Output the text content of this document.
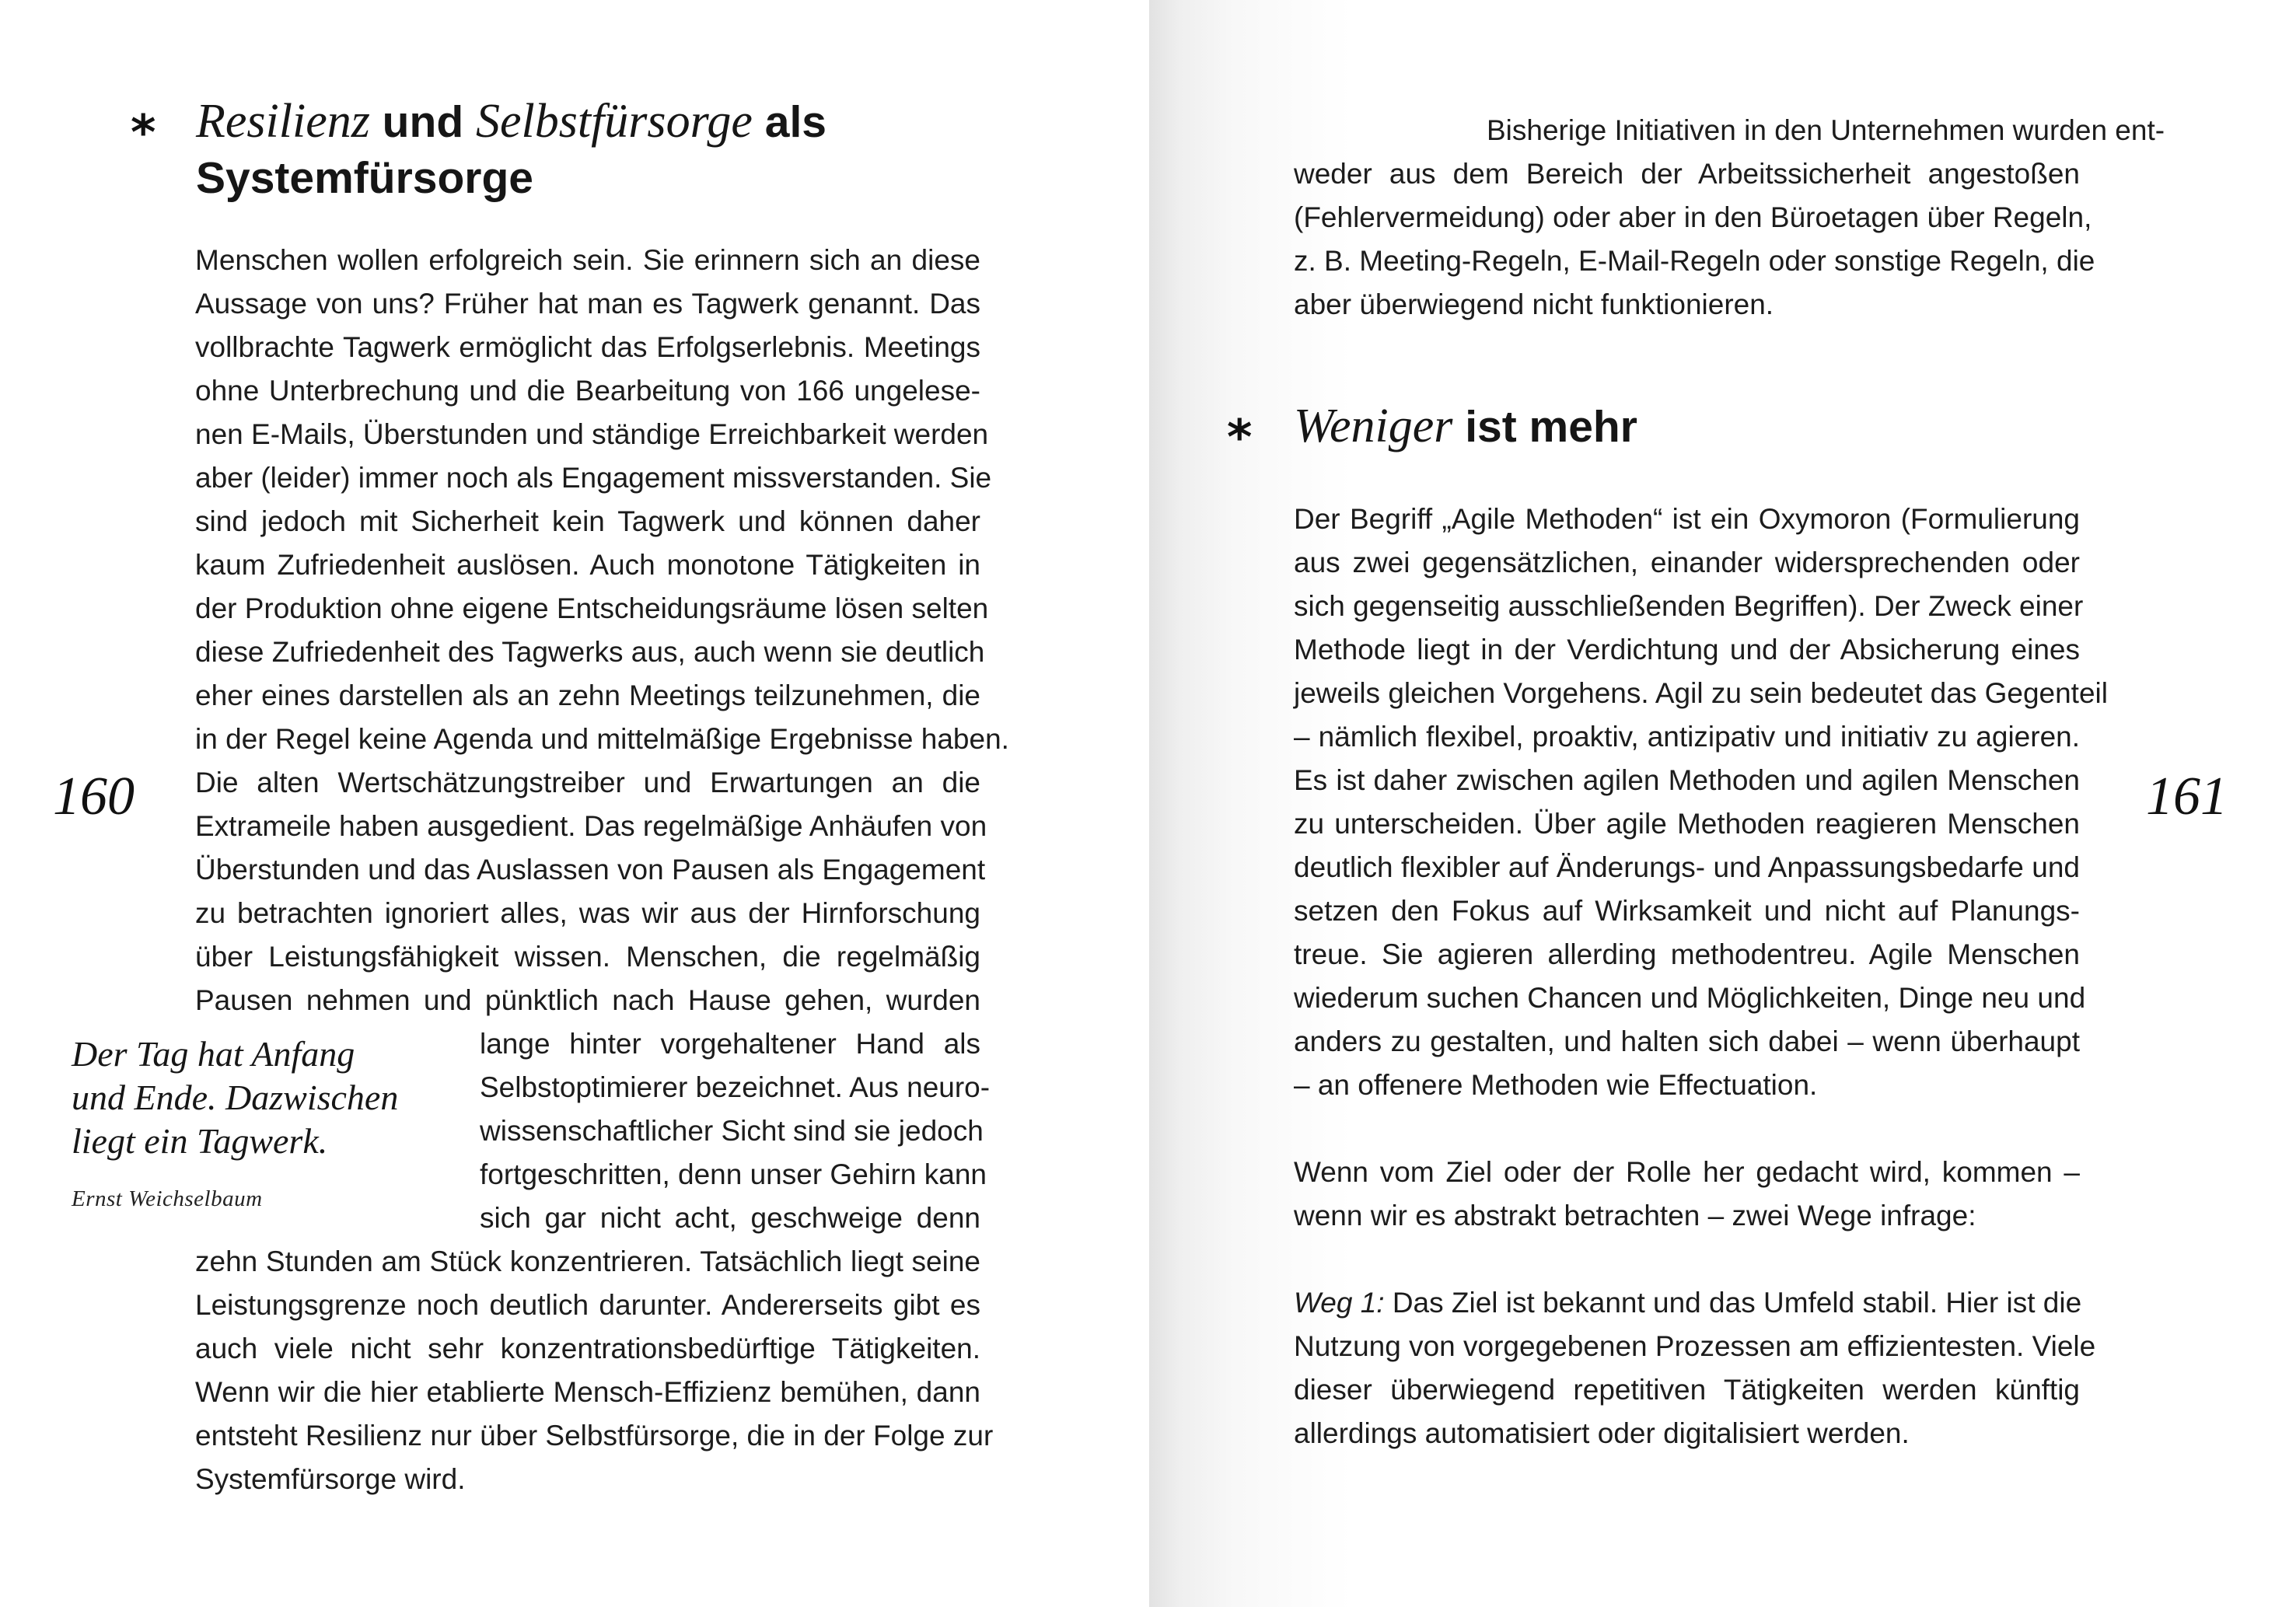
* Resilienz und Selbstfürsorge als
Systemfürsorge

Menschen wollen erfolgreich sein. Sie erinnern sich an diese

Aussage von uns? Früher hat man es Tagwerk genannt. Das

vollbrachte Tagwerk ermöglicht das Erfolgserlebnis. Meetings

ohne Unterbrechung und die Bearbeitung von 166 ungelese-

nen E-Mails, Überstunden und ständige Erreichbarkeit werden

aber (leider) immer noch als Engagement missverstanden. Sie

sind jedoch mit Sicherheit kein Tagwerk und können daher

kaum Zufriedenheit auslösen. Auch monotone Tätigkeiten in

der Produktion ohne eigene Entscheidungsräume lösen selten

diese Zufriedenheit des Tagwerks aus, auch wenn sie deutlich

eher eines darstellen als an zehn Meetings teilzunehmen, die

in der Regel keine Agenda und mittelmäßige Ergebnisse haben.

Die alten Wertschätzungstreiber und Erwartungen an die

Extrameile haben ausgedient. Das regelmäßige Anhäufen von

Überstunden und das Auslassen von Pausen als Engagement

zu betrachten ignoriert alles, was wir aus der Hirnforschung

über Leistungsfähigkeit wissen. Menschen, die regelmäßig

Pausen nehmen und pünktlich nach Hause gehen, wurden

lange hinter vorgehaltener Hand als

Selbstoptimierer bezeichnet. Aus neuro-

wissenschaftlicher Sicht sind sie jedoch

fortgeschritten, denn unser Gehirn kann

sich gar nicht acht, geschweige denn

zehn Stunden am Stück konzentrieren. Tatsächlich liegt seine

Leistungsgrenze noch deutlich darunter. Andererseits gibt es

auch viele nicht sehr konzentrationsbedürftige Tätigkeiten.

Wenn wir die hier etablierte Mensch-Effizienz bemühen, dann

entsteht Resilienz nur über Selbstfürsorge, die in der Folge zur

Systemfürsorge wird.

Der Tag hat Anfang

und Ende. Dazwischen

liegt ein Tagwerk.

Ernst Weichselbaum
160

Bisherige Initiativen in den Unternehmen wurden ent-

weder aus dem Bereich der Arbeitssicherheit angestoßen

(Fehlervermeidung) oder aber in den Büroetagen über Regeln,

z. B. Meeting-Regeln, E-Mail-Regeln oder sonstige Regeln, die

aber überwiegend nicht funktionieren.

* Weniger ist mehr

Der Begriff „Agile Methoden“ ist ein Oxymoron (Formulierung

aus zwei gegensätzlichen, einander widersprechenden oder

sich gegenseitig ausschließenden Begriffen). Der Zweck einer

Methode liegt in der Verdichtung und der Absicherung eines

jeweils gleichen Vorgehens. Agil zu sein bedeutet das Gegenteil

– nämlich flexibel, proaktiv, antizipativ und initiativ zu agieren.

Es ist daher zwischen agilen Methoden und agilen Menschen

zu unterscheiden. Über agile Methoden reagieren Menschen

deutlich flexibler auf Änderungs- und Anpassungsbedarfe und

setzen den Fokus auf Wirksamkeit und nicht auf Planungs-

treue. Sie agieren allerding methodentreu. Agile Menschen

wiederum suchen Chancen und Möglichkeiten, Dinge neu und

anders zu gestalten, und halten sich dabei – wenn überhaupt

– an offenere Methoden wie Effectuation.

Wenn vom Ziel oder der Rolle her gedacht wird, kommen –

wenn wir es abstrakt betrachten – zwei Wege infrage:

Weg 1: Das Ziel ist bekannt und das Umfeld stabil. Hier ist die

Nutzung von vorgegebenen Prozessen am effizientesten. Viele

dieser überwiegend repetitiven Tätigkeiten werden künftig

allerdings automatisiert oder digitalisiert werden.

161
